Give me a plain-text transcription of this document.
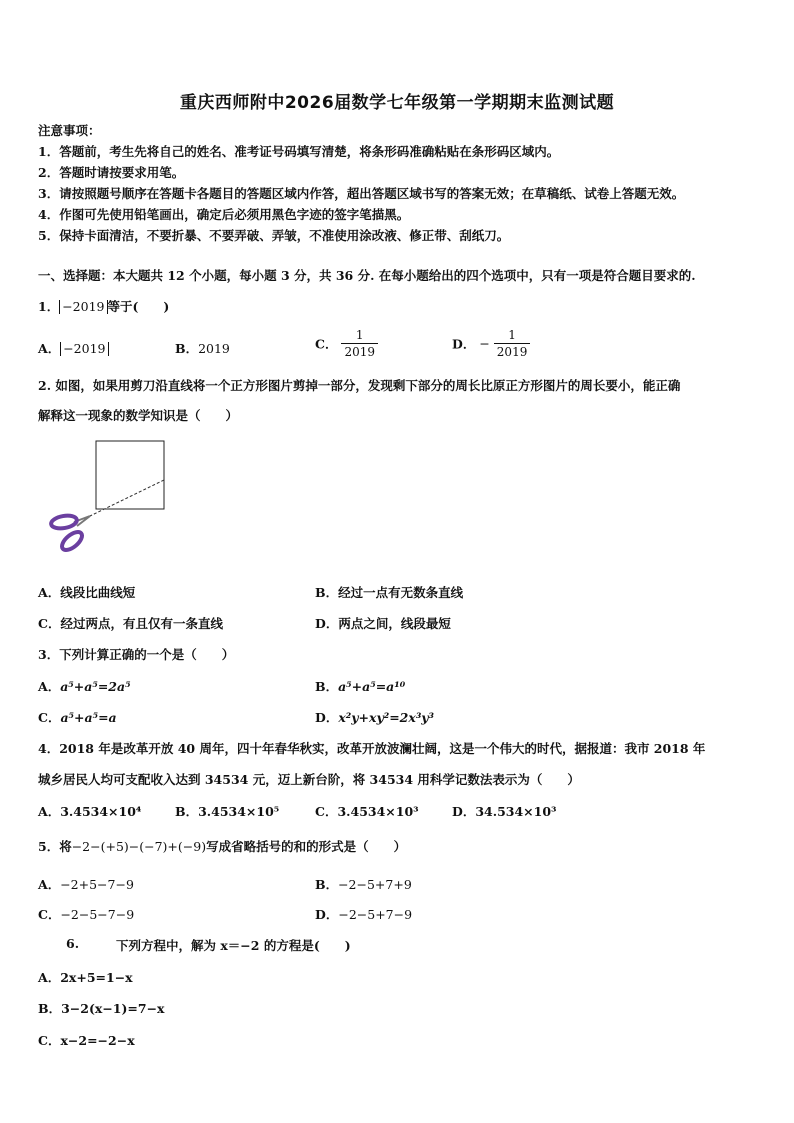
重庆西师附中2026届数学七年级第一学期期末监测试题
注意事项：
1．答题前，考生先将自己的姓名、准考证号码填写清楚，将条形码准确粘贴在条形码区域内。
2．答题时请按要求用笔。
3．请按照题号顺序在答题卡各题目的答题区域内作答，超出答题区域书写的答案无效；在草稿纸、试卷上答题无效。
4．作图可先使用铅笔画出，确定后必须用黑色字迹的签字笔描黑。
5．保持卡面清洁，不要折暴、不要弄破、弄皱，不准使用涂改液、修正带、刮纸刀。
一、选择题：本大题共 12 个小题，每小题 3 分，共 36 分. 在每小题给出的四个选项中，只有一项是符合题目要求的.
1． −2019 等于(　　)
A． −2019	B．2019	C． $\frac{1}{2019}$	D． − $\frac{1}{2019}$
2. 如图，如果用剪刀沿直线将一个正方形图片剪掉一部分，发现剩下部分的周长比原正方形图片的周长要小，能正确
解释这一现象的数学知识是（　　）
A．线段比曲线短	B．经过一点有无数条直线
C．经过两点，有且仅有一条直线	D．两点之间，线段最短
3．下列计算正确的一个是（　　）
A．a⁵+a⁵=2a⁵	B．a⁵+a⁵=a¹⁰
C．a⁵+a⁵=a	D．x²y+xy²=2x³y³
4．2018 年是改革开放 40 周年，四十年春华秋实，改革开放波澜壮阔，这是一个伟大的时代，据报道：我市 2018 年
城乡居民人均可支配收入达到 34534 元，迈上新台阶，将 34534 用科学记数法表示为（　　）
A．3.4534×10⁴	B．3.4534×10⁵	C．3.4534×10³	D．34.534×10³
5．将−2−(+5)−(−7)+(−9)写成省略括号的和的形式是（　　）
A．−2+5−7−9	B．−2−5+7+9
C．−2−5−7−9	D．−2−5+7−9
6.	下列方程中，解为 x＝−2 的方程是(　　)
A．2x+5=1−x
B．3−2(x−1)=7−x
C．x−2=−2−x
